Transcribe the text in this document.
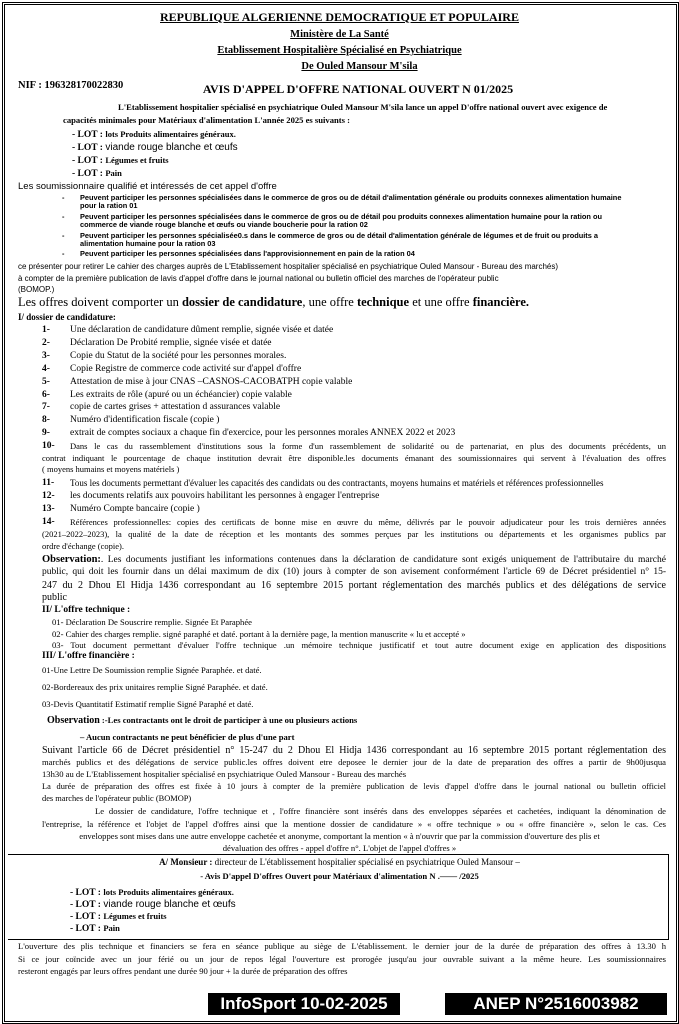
REPUBLIQUE ALGERIENNE DEMOCRATIQUE ET POPULAIRE
Ministère de La Santé
Etablissement Hospitalière Spécialisé en Psychiatrique
De Ouled Mansour M'sila
NIF : 196328170022830	AVIS D'APPEL D'OFFRE NATIONAL OUVERT N 01/2025
L'Etablissement hospitalier spécialisé en psychiatrique Ouled Mansour M'sila lance un appel D'offre national ouvert avec exigence de
capacités minimales pour Matériaux d'alimentation L'année 2025 es suivants :
- LOT : lots Produits alimentaires généraux.
- LOT : viande rouge blanche et œufs
- LOT : Légumes et fruits
- LOT : Pain
Les soumissionnaire qualifié et intéressés de cet appel d'offre
- Peuvent participer les personnes spécialisées dans le commerce de gros ou de détail d'alimentation générale ou produits connexes alimentation humaine
pour la ration 01
- Peuvent participer les personnes spécialisées dans le commerce de gros ou de détail pou produits connexes alimentation humaine pour la ration ou
commerce de viande rouge blanche et œufs ou viande boucherie pour la ration 02
- Peuvent participer les personnes spécialisée0.s dans le commerce de gros ou de détail d'alimentation générale de légumes et de fruit ou produits a
alimentation humaine pour la ration 03
- Peuvent participer les personnes spécialisées dans l'approvisionnement en pain de la ration 04
ce présenter pour retirer Le cahier des charges auprès de L'Etablissement hospitalier spécialisé en psychiatrique Ouled Mansour - Bureau des marchés)
à compter de la première publication de lavis d'appel d'offre dans le journal national ou bulletin officiel des marches de l'opérateur public
(BOMOP.)
Les offres doivent comporter un dossier de candidature, une offre technique et une offre financière.
I/ dossier de candidature:
1- Une déclaration de candidature dûment remplie, signée visée et datée
2- Déclaration De Probité remplie, signée visée et datée
3- Copie du Statut de la société pour les personnes morales.
4- Copie Registre de commerce code activité sur d'appel d'offre
5- Attestation de mise à jour CNAS –CASNOS-CACOBATPH copie valable
6- Les extraits de rôle (apuré ou un échéancier) copie valable
7- copie de cartes grises + attestation d assurances valable
8- Numéro d'identification fiscale (copie )
9- extrait de comptes sociaux a chaque fin d'exercice, pour les personnes morales ANNEX 2022 et 2023
10- Dans le cas du rassemblement d'institutions sous la forme d'un rassemblement de solidarité ou de partenariat, en plus des documents précédents, un
contrat indiquant le pourcentage de chaque institution devrait être disponible.les documents émanant des soumissionnaires qui servent à l'évaluation des offres
( moyens humains et moyens matériels )
11- Tous les documents permettant d'évaluer les capacités des candidats ou des contractants, moyens humains et matériels et références professionnelles
12- les documents relatifs aux pouvoirs habilitant les personnes à engager l'entreprise
13- Numéro Compte bancaire (copie )
14- Références professionnelles: copies des certificats de bonne mise en œuvre du même, délivrés par le pouvoir adjudicateur pour les trois dernières années
(2021–2022–2023), la qualité de la date de réception et les montants des sommes perçues par les institutions ou départements et les organismes publics par
ordre d'échange (copie).
Observation:. Les documents justifiant les informations contenues dans la déclaration de candidature sont exigés uniquement de l'attributaire du marché
public, qui doit les fournir dans un délai maximum de dix (10) jours à compter de son avisement conformément l'article 69 de Décret présidentiel n° 15-
247 du 2 Dhou El Hidja 1436 correspondant au 16 septembre 2015 portant réglementation des marchés publics et des délégations de service
public
II/ L'offre technique :
01- Déclaration De Souscrire remplie. Signée Et Paraphée
02- Cahier des charges remplie. signé paraphé et daté. portant à la dernière page, la mention manuscrite « lu et accepté »
03- Tout document permettant d'évaluer l'offre technique .un mémoire technique justificatif et tout autre document exige en application des dispositions
III/ L'offre financière :
01-Une Lettre De Soumission remplie Signée Paraphée. et daté.
02-Bordereaux des prix unitaires remplie Signé Paraphée. et daté.
03-Devis Quantitatif Estimatif remplie Signé Paraphé et daté.
Observation :-Les contractants ont le droit de participer à une ou plusieurs actions
– Aucun contractants ne peut bénéficier de plus d'une part
Suivant l'article 66 de Décret présidentiel n° 15-247 du 2 Dhou El Hidja 1436 correspondant au 16 septembre 2015 portant réglementation des
marchés publics et des délégations de service public.les offres doivent etre deposee le dernier jour de la date de preparation des offres a partir de 9h00jusqua
13h30 au de L'Etablissement hospitalier spécialisé en psychiatrique Ouled Mansour - Bureau des marchés
La durée de préparation des offres est fixée à 10 jours à compter de la première publication de levis d'appel d'offre dans le journal national ou bulletin officiel
des marches de l'opérateur public (BOMOP)
Le dossier de candidature, l'offre technique et , l'offre financière sont insérés dans des enveloppes séparées et cachetées, indiquant la dénomination de
l'entreprise, la référence et l'objet de l'appel d'offres ainsi que la mentione dossier de candidature » « offre technique » ou « offre financière », selon le cas. Ces
enveloppes sont mises dans une autre enveloppe cachetée et anonyme, comportant la mention « à n'ouvrir que par la commission d'ouverture des plis et
dévaluation des offres - appel d'offre n°. L'objet de l'appel d'offres »
A/ Monsieur : directeur de L'établissement hospitalier spécialisé en psychiatrique Ouled Mansour –
- Avis D'appel D'offres Ouvert pour Matériaux d'alimentation N .—— /2025
- LOT : lots Produits alimentaires généraux.
- LOT : viande rouge blanche et œufs
- LOT : Légumes et fruits
- LOT : Pain
L'ouverture des plis technique et financiers se fera en séance publique au siège de L'établissement. le dernier jour de la durée de préparation des offres à 13.30 h
Si ce jour coïncide avec un jour férié ou un jour de repos légal l'ouverture est prorogée jusqu'au jour ouvrable suivant a la même heure. Les soumissionnaires
resteront engagés par leurs offres pendant une durée 90 jour + la durée de préparation des offres
InfoSport 10-02-2025	ANEP N°2516003982
